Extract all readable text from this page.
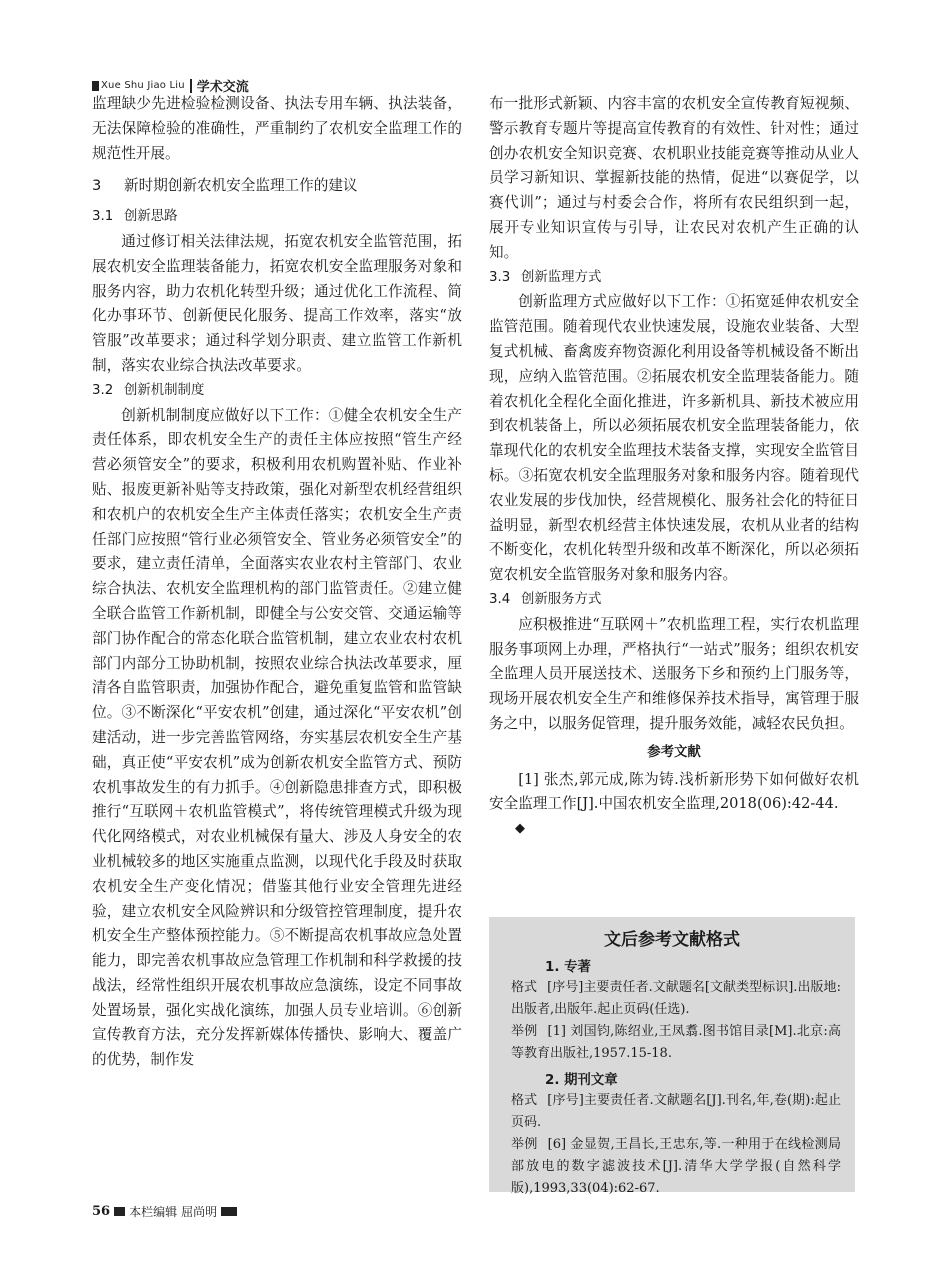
Xue Shu Jiao Liu 学术交流

监理缺少先进检验检测设备、执法专用车辆、执法装备，无法保障检验的准确性，严重制约了农机安全监理工作的规范性开展。

3 新时期创新农机安全监理工作的建议
3.1 创新思路

通过修订相关法律法规，拓宽农机安全监管范围，拓展农机安全监理装备能力，拓宽农机安全监理服务对象和服务内容，助力农机化转型升级；通过优化工作流程、简化办事环节、创新便民化服务、提高工作效率，落实“放管服”改革要求；通过科学划分职责、建立监管工作新机制，落实农业综合执法改革要求。

3.2 创新机制制度

创新机制制度应做好以下工作：①健全农机安全生产责任体系，即农机安全生产的责任主体应按照“管生产经营必须管安全”的要求，积极利用农机购置补贴、作业补贴、报废更新补贴等支持政策，强化对新型农机经营组织和农机户的农机安全生产主体责任落实；农机安全生产责任部门应按照“管行业必须管安全、管业务必须管安全”的要求，建立责任清单，全面落实农业农村主管部门、农业综合执法、农机安全监理机构的部门监管责任。②建立健全联合监管工作新机制，即健全与公安交管、交通运输等部门协作配合的常态化联合监管机制，建立农业农村农机部门内部分工协助机制，按照农业综合执法改革要求，厘清各自监管职责，加强协作配合，避免重复监管和监管缺位。③不断深化“平安农机”创建，通过深化“平安农机”创建活动，进一步完善监管网络，夯实基层农机安全生产基础，真正使“平安农机”成为创新农机安全监管方式、预防农机事故发生的有力抓手。④创新隐患排查方式，即积极推行“互联网＋农机监管模式”，将传统管理模式升级为现代化网络模式，对农业机械保有量大、涉及人身安全的农业机械较多的地区实施重点监测，以现代化手段及时获取农机安全生产变化情况；借鉴其他行业安全管理先进经验，建立农机安全风险辨识和分级管控管理制度，提升农机安全生产整体预控能力。⑤不断提高农机事故应急处置能力，即完善农机事故应急管理工作机制和科学救援的技战法，经常性组织开展农机事故应急演练，设定不同事故处置场景，强化实战化演练，加强人员专业培训。⑥创新宣传教育方法，充分发挥新媒体传播快、影响大、覆盖广的优势，制作发

布一批形式新颖、内容丰富的农机安全宣传教育短视频、警示教育专题片等提高宣传教育的有效性、针对性；通过创办农机安全知识竞赛、农机职业技能竞赛等推动从业人员学习新知识、掌握新技能的热情，促进“以赛促学，以赛代训”；通过与村委会合作，将所有农民组织到一起，展开专业知识宣传与引导，让农民对农机产生正确的认知。

3.3 创新监理方式

创新监理方式应做好以下工作：①拓宽延伸农机安全监管范围。随着现代农业快速发展，设施农业装备、大型复式机械、畜禽废弃物资源化利用设备等机械设备不断出现，应纳入监管范围。②拓展农机安全监理装备能力。随着农机化全程化全面化推进，许多新机具、新技术被应用到农机装备上，所以必须拓展农机安全监理装备能力，依靠现代化的农机安全监理技术装备支撑，实现安全监管目标。③拓宽农机安全监理服务对象和服务内容。随着现代农业发展的步伐加快，经营规模化、服务社会化的特征日益明显，新型农机经营主体快速发展，农机从业者的结构不断变化，农机化转型升级和改革不断深化，所以必须拓宽农机安全监管服务对象和服务内容。

3.4 创新服务方式

应积极推进“互联网＋”农机监理工程，实行农机监理服务事项网上办理，严格执行“一站式”服务；组织农机安全监理人员开展送技术、送服务下乡和预约上门服务等，现场开展农机安全生产和维修保养技术指导，寓管理于服务之中，以服务促管理，提升服务效能，减轻农民负担。

参考文献

[1] 张杰,郭元成,陈为铸.浅析新形势下如何做好农机安全监理工作[J].中国农机安全监理,2018(06):42-44.

◆

文后参考文献格式
1. 专著

格式 [序号]主要责任者.文献题名[文献类型标识].出版地:出版者,出版年.起止页码(任选).

举例 [1] 刘国钧,陈绍业,王凤翥.图书馆目录[M].北京:高等教育出版社,1957.15-18.

2. 期刊文章

格式 [序号]主要责任者.文献题名[J].刊名,年,卷(期):起止页码.

举例 [6] 金显贺,王昌长,王忠东,等.一种用于在线检测局部放电的数字滤波技术[J].清华大学学报(自然科学版),1993,33(04):62-67.

56 本栏编辑 屈尚明
